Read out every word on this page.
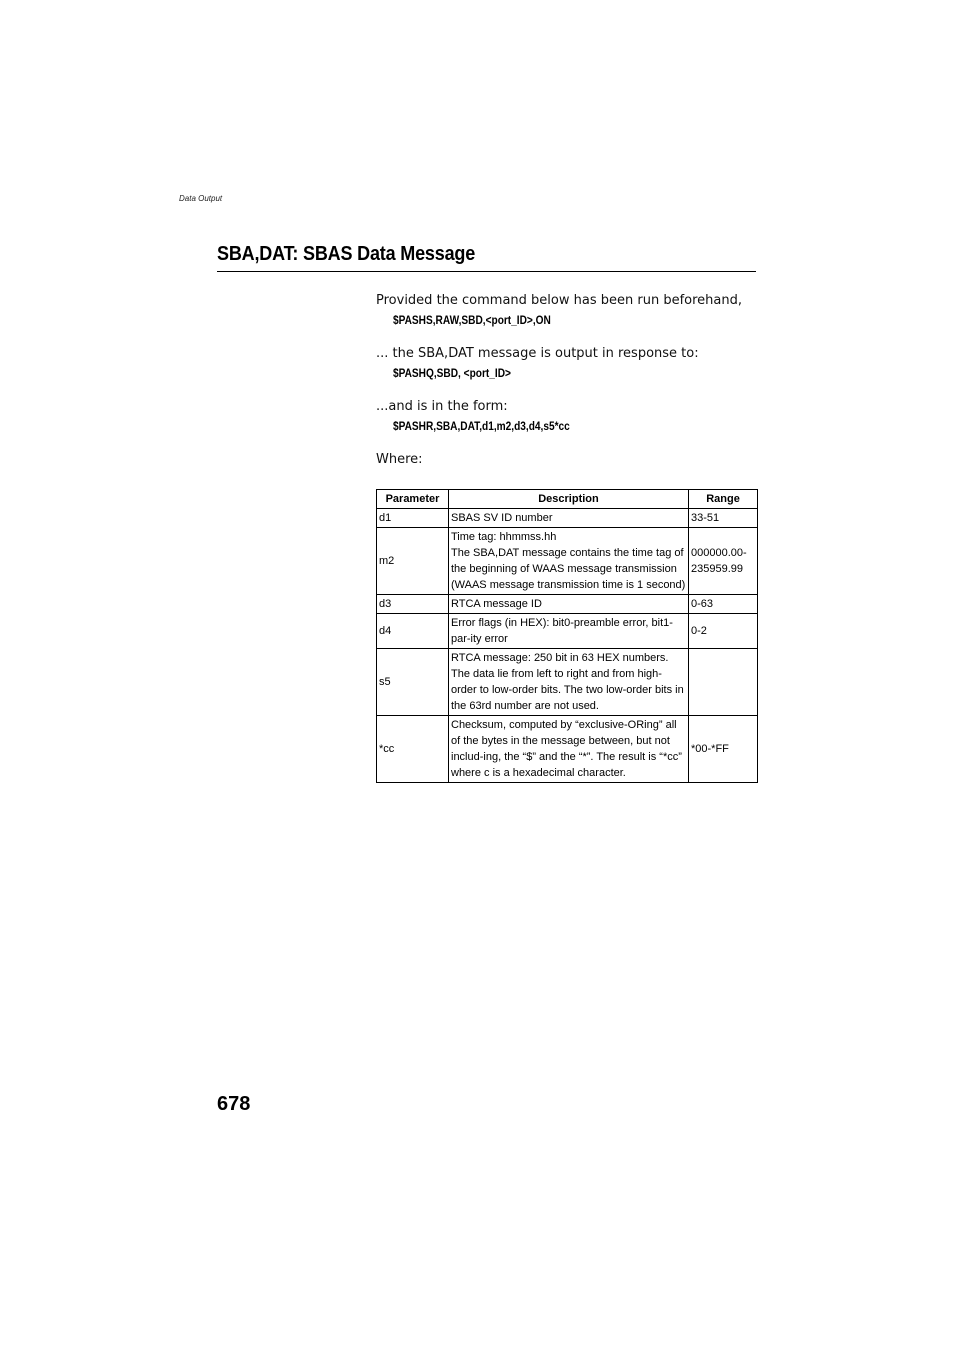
Data Output
SBA,DAT: SBAS Data Message

Provided the command below has been run beforehand,

$PASHS,RAW,SBD,<port_ID>,ON

... the SBA,DAT message is output in response to:

$PASHQ,SBD, <port_ID>

...and is in the form:

$PASHR,SBA,DAT,d1,m2,d3,d4,s5*cc

Where:

Parameter	Description	Range
d1	SBAS SV ID number	33-51

m2	Time tag: hhmmss.hh
The SBA,DAT message contains the time tag of the beginning of WAAS message transmission (WAAS message transmission time is 1 second)	000000.00-
235959.99

d3	RTCA message ID	0-63

d4	Error flags (in HEX): bit0-preamble error, bit1-par-ity error	0-2

s5	RTCA message: 250 bit in 63 HEX numbers. The data lie from left to right and from high-order to low-order bits. The two low-order bits in the 63rd number are not used.	

*cc	Checksum, computed by “exclusive-ORing” all of the bytes in the message between, but not includ-ing, the “$” and the “*”. The result is “*cc” where c is a hexadecimal character.	*00-*FF
678
